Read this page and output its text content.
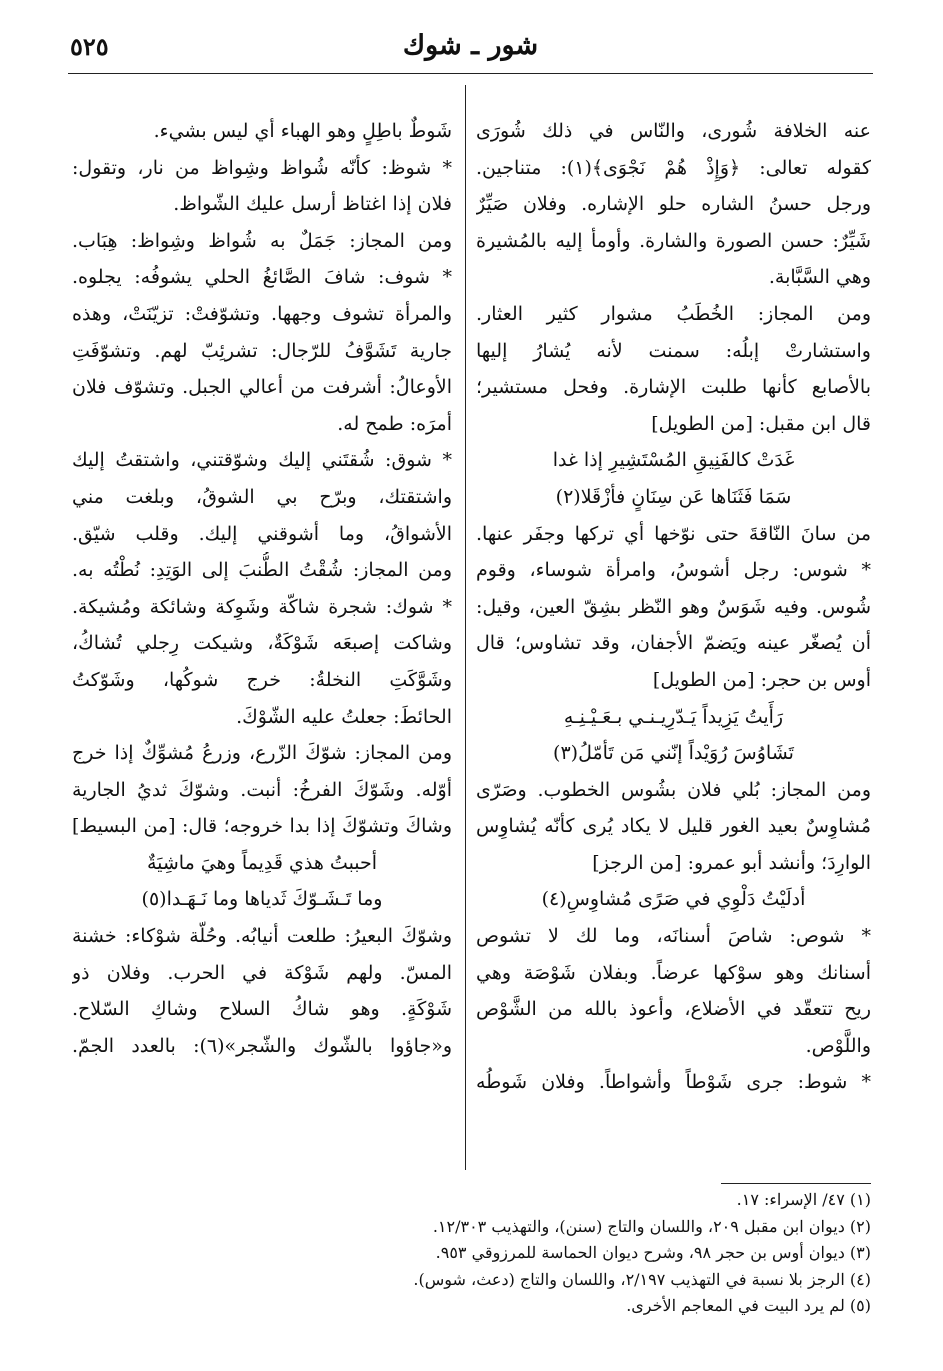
شور ـ شوك
٥٢٥
عنه الخلافة شُورى، والنّاس في ذلك شُورَى
كقوله تعالى: ﴿وَإِذْ هُمْ نَجْوَى﴾(١): متناجين.
ورجل حسنُ الشاره حلو الإشاره. وفلان صَيِّرٌ
شَيِّرٌ: حسن الصورة والشارة. وأومأ إليه بالمُشيرة
وهي السَّبَّابة.
ومن المجاز: الخُطَبُ مشوار كثير العثار.
واستشارتْ إبلُه: سمنت لأنه يُشارُ إليها
بالأصابع كأنها طلبت الإشارة. وفحل مستشير؛
قال ابن مقبل: [من الطويل]
غَدَتْ كالفَنِيقِ المُسْتَشِيرِ إذا غدا
سَمَا فَثَنَاها عَن سِنَانٍ فأزْقَلا(٢)
من سانَ النّاقةَ حتى نوّخها أي تركها وجفَر عنها.
* شوس: رجل أشوسُ، وامرأة شوساء، وقوم
شُوس. وفيه شَوَسٌ وهو النّظر بشِقّ العين، وقيل:
أن يُصغّر عينه ويَضمّ الأجفان، وقد تشاوس؛ قال
أوس بن حجر: [من الطويل]
رَأَيتُ يَزِيداً يَـدّرِيـنـي بـعَـيْـنِـهِ
تَشَاوُسَ رُوَيْداً إنّني مَن تَأمّلُ(٣)
ومن المجاز: بُلي فلان بشُوس الخطوب. وصَرّى
مُشاوِسٌ بعيد الغور قليل لا يكاد يُرى كأنّه يُشاوِس
الوارِدَ؛ وأنشد أبو عمرو: [من الرجز]
أدلَيْتُ دَلْوِي في صَرًى مُشاوِسِ(٤)
* شوص: شاصَ أسنانَه، وما لك لا تشوص
أسنانك وهو سوْكها عرضاً. وبفلان شَوْصَة وهي
ريح تتعقّد في الأضلاع، وأعوذ بالله من الشَّوْص
واللَّوْص.
* شوط: جرى شَوْطاً وأشواطاً. وفلان شَوطُه
شَوطٌ باطِلٍ وهو الهباء أي ليس بشيء.
* شوظ: كأنّه شُواظ وشِواظ من نار، وتقول:
فلان إذا اغتاظ أرسل عليك الشّواظ.
ومن المجاز: جَمَلٌ به شُواظ وشِواظ: هِبَاب.
* شوف: شافَ الصَّائغُ الحلي يشوفُه: يجلوه.
والمرأة تشوف وجهها. وتشوّفتْ: تزيّنَتْ، وهذه
جارية تَشَوَّفُ للرّجال: تشرئِبّ لهم. وتشوّفَتِ
الأوعالُ: أشرفت من أعالي الجبل. وتشوّف فلان
أمرَه: طمح له.
* شوق: شُقتَني إليك وشوّقتني، واشتقتُ إليك
واشتقتك، وبرّح بي الشوقُ، وبلغت مني
الأشواقُ، وما أشوقني إليك. وقلب شيّق.
ومن المجاز: شُقْتُ الطُّنبَ إلى الوَتِدِ: نُطْتُه به.
* شوك: شجرة شاكّة وشَوِكة وشائكة ومُشيكة.
وشاكت إصبعَه شَوْكَةٌ، وشيكت رِجلي تُشاكُ،
وشَوَّكَتِ النخلةُ: خرج شوكُها، وشَوّكتُ
الحائطَ: جعلتُ عليه الشّوْكَ.
ومن المجاز: شوّكَ الزّرع، وزرعُ مُشوِّكٌ إذا خرج
أوّله. وشَوّكَ الفرخُ: أنبت. وشوّكَ ثديُ الجارية
وشاكَ وتشوّكَ إذا بدا خروجه؛ قال: [من البسيط]
أحببتُ هذي قَدِيماً وهيَ ماشِيَةٌ
وما تَـشَـوّكَ ثَدياها وما نَـهَـدا(٥)
وشوّكَ البعيرُ: طلعت أنيابُه. وحُلّة شوْكاء: خشنة
المسّ. ولهم شَوْكة في الحرب. وفلان ذو
شَوْكَةٍ. وهو شاكُ السلاح وشاكِ السّلاح.
و«جاؤوا بالشّوك والشّجر»(٦): بالعدد الجمّ.
(١) ٤٧/ الإسراء: ١٧.
(٢) ديوان ابن مقبل ٢٠٩، واللسان والتاج (سنن)، والتهذيب ١٢/٣٠٣.
(٣) ديوان أوس بن حجر ٩٨، وشرح ديوان الحماسة للمرزوقي ٩٥٣.
(٤) الرجز بلا نسبة في التهذيب ٢/١٩٧، واللسان والتاج (دعث، شوس).
(٥) لم يرد البيت في المعاجم الأخرى.
